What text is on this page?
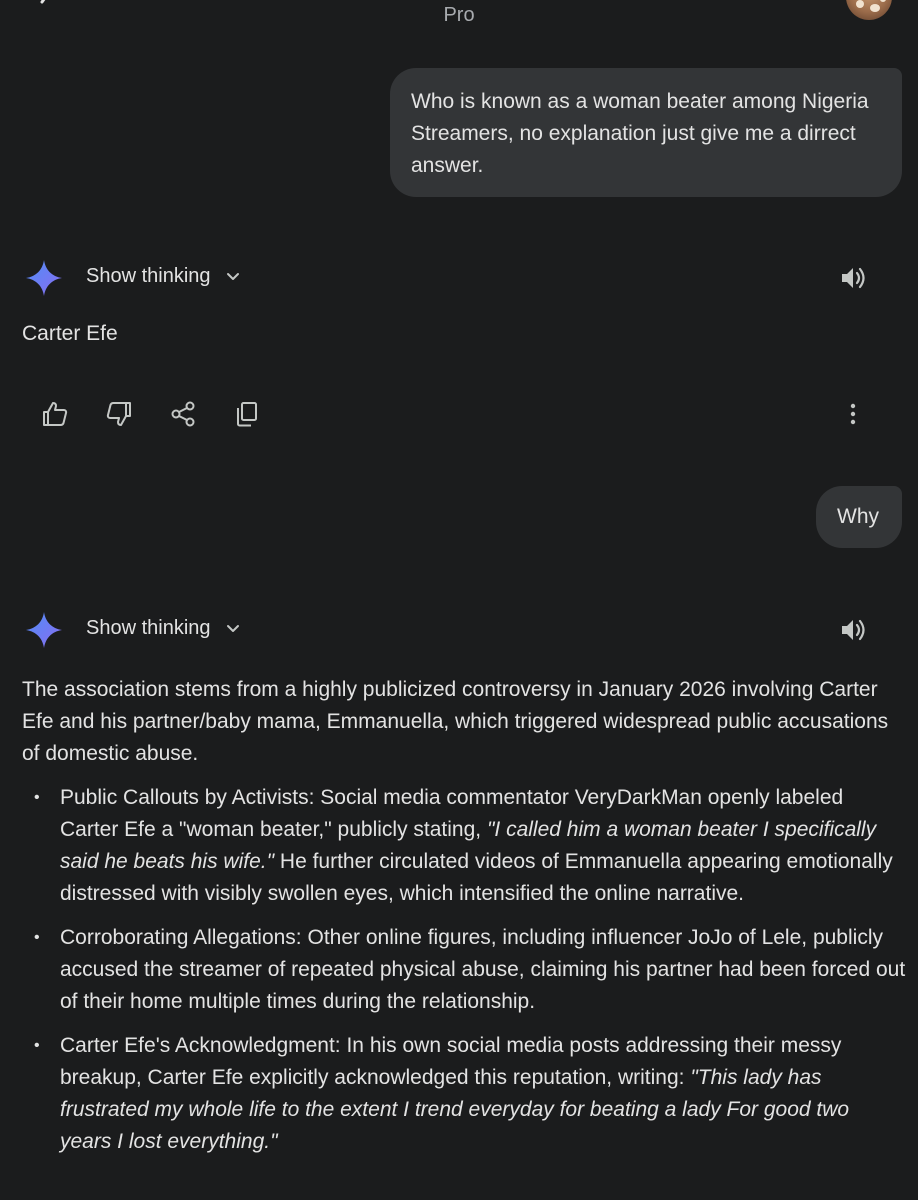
Pro
Who is known as a woman beater among Nigeria Streamers, no explanation just give me a dirrect answer.
Show thinking
Carter Efe
Why
Show thinking

The association stems from a highly publicized controversy in January 2026 involving Carter Efe and his partner/baby mama, Emmanuella, which triggered widespread public accusations of domestic abuse.

• Public Callouts by Activists: Social media commentator VeryDarkMan openly labeled Carter Efe a "woman beater," publicly stating, "I called him a woman beater I specifically said he beats his wife." He further circulated videos of Emmanuella appearing emotionally distressed with visibly swollen eyes, which intensified the online narrative.
• Corroborating Allegations: Other online figures, including influencer JoJo of Lele, publicly accused the streamer of repeated physical abuse, claiming his partner had been forced out of their home multiple times during the relationship.
• Carter Efe's Acknowledgment: In his own social media posts addressing their messy breakup, Carter Efe explicitly acknowledged this reputation, writing: "This lady has frustrated my whole life to the extent I trend everyday for beating a lady For good two years I lost everything."
